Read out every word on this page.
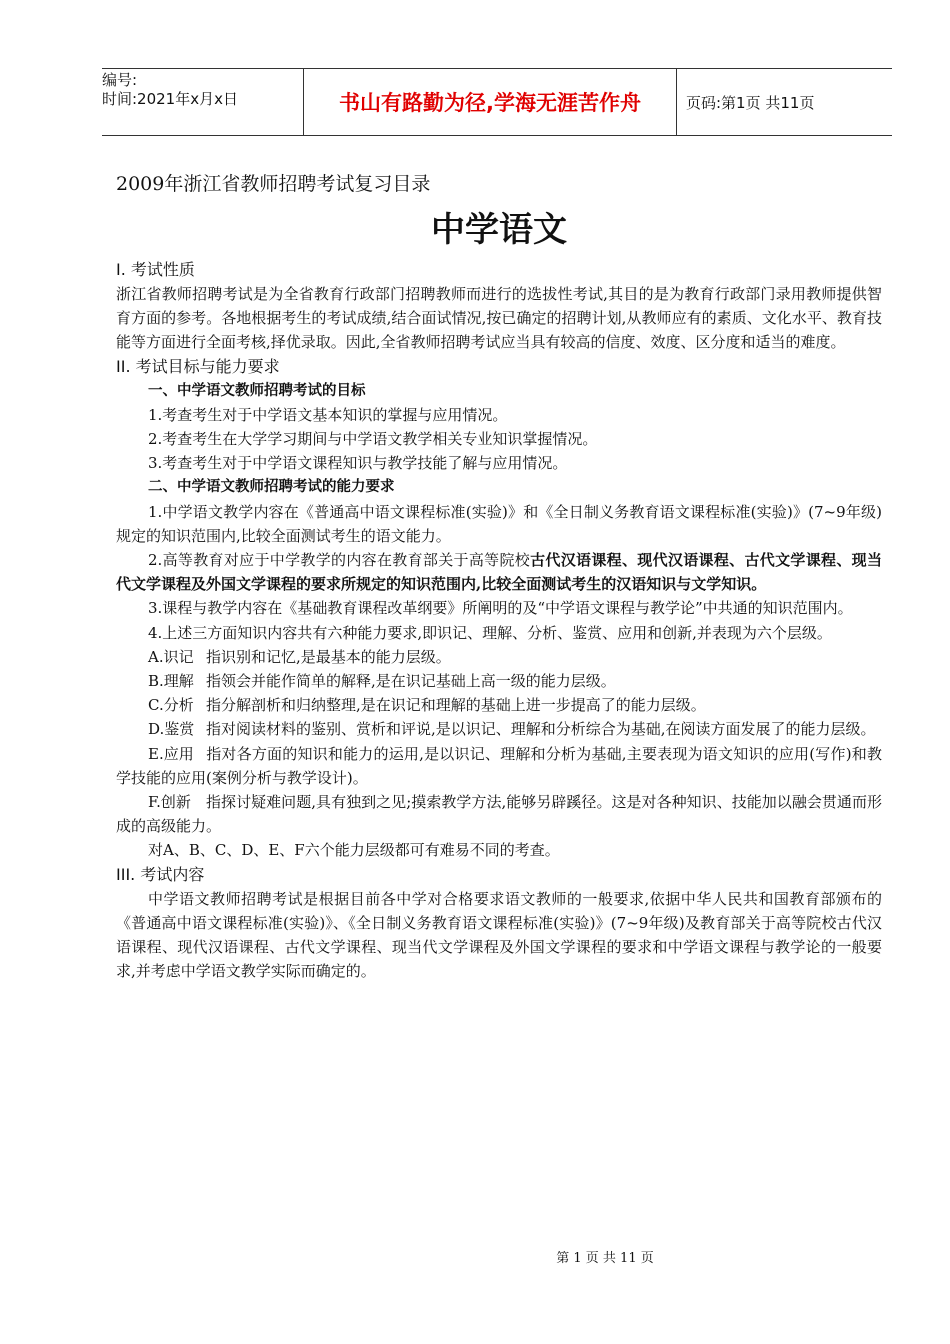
编号:
时间:2021年x月x日	书山有路勤为径,学海无涯苦作舟	页码:第1页 共11页
2009年浙江省教师招聘考试复习目录
中学语文
I. 考试性质

浙江省教师招聘考试是为全省教育行政部门招聘教师而进行的选拔性考试,其目的是为教育行政部门录用教师提供智育方面的参考。各地根据考生的考试成绩,结合面试情况,按已确定的招聘计划,从教师应有的素质、文化水平、教育技能等方面进行全面考核,择优录取。因此,全省教师招聘考试应当具有较高的信度、效度、区分度和适当的难度。

II. 考试目标与能力要求

一、中学语文教师招聘考试的目标

1.考查考生对于中学语文基本知识的掌握与应用情况。

2.考查考生在大学学习期间与中学语文教学相关专业知识掌握情况。

3.考查考生对于中学语文课程知识与教学技能了解与应用情况。

二、中学语文教师招聘考试的能力要求

1.中学语文教学内容在《普通高中语文课程标准(实验)》和《全日制义务教育语文课程标准(实验)》(7~9年级)规定的知识范围内,比较全面测试考生的语文能力。

2.高等教育对应于中学教学的内容在教育部关于高等院校古代汉语课程、现代汉语课程、古代文学课程、现当代文学课程及外国文学课程的要求所规定的知识范围内,比较全面测试考生的汉语知识与文学知识。

3.课程与教学内容在《基础教育课程改革纲要》所阐明的及“中学语文课程与教学论”中共通的知识范围内。

4.上述三方面知识内容共有六种能力要求,即识记、理解、分析、鉴赏、应用和创新,并表现为六个层级。

A.识记 指识别和记忆,是最基本的能力层级。

B.理解 指领会并能作简单的解释,是在识记基础上高一级的能力层级。

C.分析 指分解剖析和归纳整理,是在识记和理解的基础上进一步提高了的能力层级。

D.鉴赏 指对阅读材料的鉴别、赏析和评说,是以识记、理解和分析综合为基础,在阅读方面发展了的能力层级。

E.应用 指对各方面的知识和能力的运用,是以识记、理解和分析为基础,主要表现为语文知识的应用(写作)和教学技能的应用(案例分析与教学设计)。

F.创新 指探讨疑难问题,具有独到之见;摸索教学方法,能够另辟蹊径。这是对各种知识、技能加以融会贯通而形成的高级能力。

对A、B、C、D、E、F六个能力层级都可有难易不同的考查。

III. 考试内容

中学语文教师招聘考试是根据目前各中学对合格要求语文教师的一般要求,依据中华人民共和国教育部颁布的《普通高中语文课程标准(实验)》、《全日制义务教育语文课程标准(实验)》(7~9年级)及教育部关于高等院校古代汉语课程、现代汉语课程、古代文学课程、现当代文学课程及外国文学课程的要求和中学语文课程与教学论的一般要求,并考虑中学语文教学实际而确定的。

第 1 页 共 11 页
